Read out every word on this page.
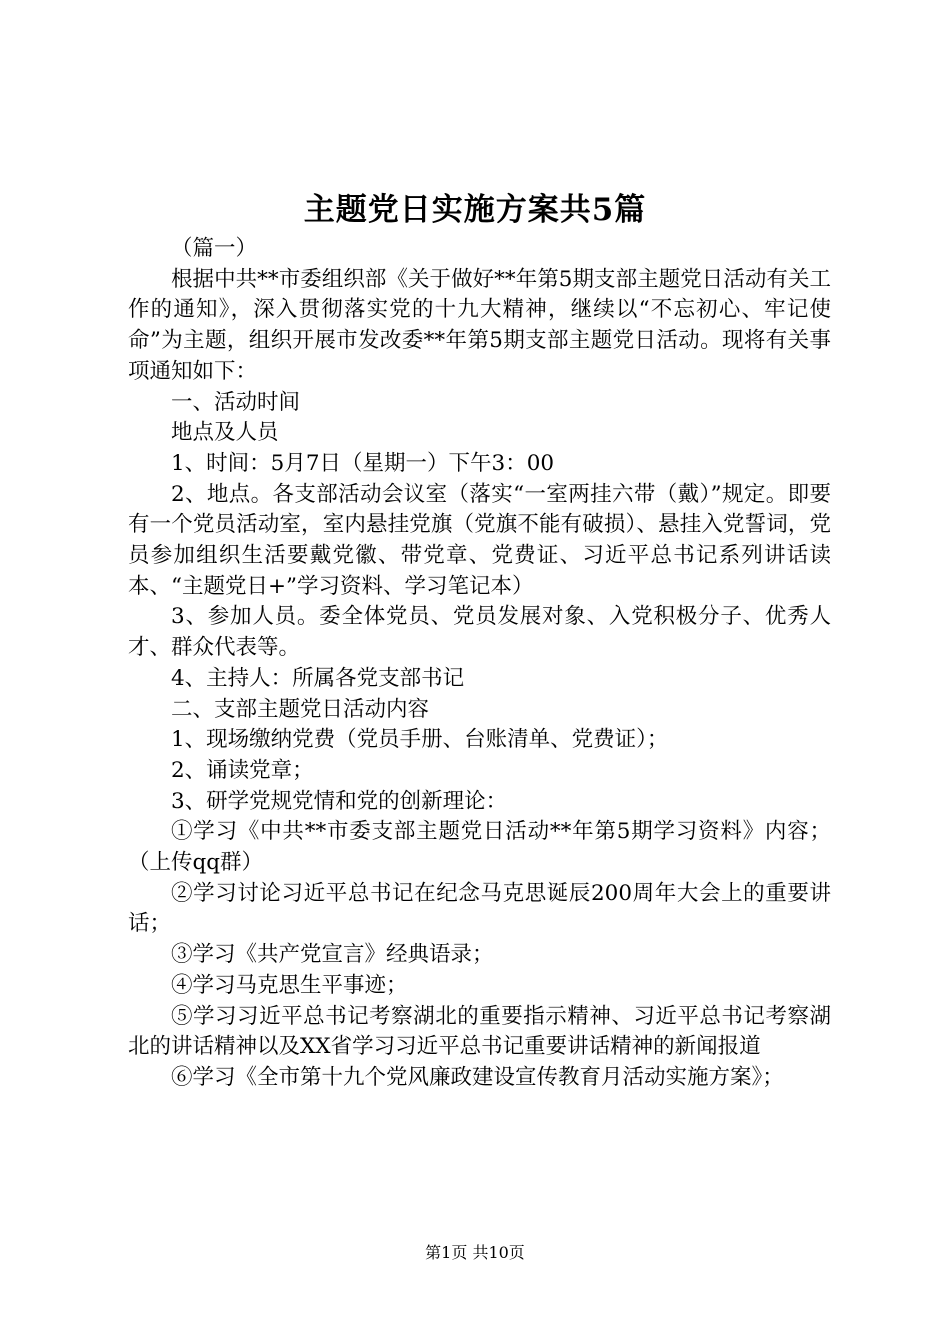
主题党日实施方案共5篇

（篇一）

根据中共**市委组织部《关于做好**年第5期支部主题党日活动有关工作的通知》，深入贯彻落实党的十九大精神，继续以“不忘初心、牢记使命”为主题，组织开展市发改委**年第5期支部主题党日活动。现将有关事项通知如下：

一、活动时间

地点及人员

1、时间：5月7日（星期一）下午3：00

2、地点。各支部活动会议室（落实“一室两挂六带（戴）”规定。即要有一个党员活动室，室内悬挂党旗（党旗不能有破损）、悬挂入党誓词，党员参加组织生活要戴党徽、带党章、党费证、习近平总书记系列讲话读本、“主题党日+”学习资料、学习笔记本）

3、参加人员。委全体党员、党员发展对象、入党积极分子、优秀人才、群众代表等。

4、主持人：所属各党支部书记

二、支部主题党日活动内容

1、现场缴纳党费（党员手册、台账清单、党费证）；

2、诵读党章；

3、研学党规党情和党的创新理论：

①学习《中共**市委支部主题党日活动**年第5期学习资料》内容；（上传qq群）

②学习讨论习近平总书记在纪念马克思诞辰200周年大会上的重要讲话；

③学习《共产党宣言》经典语录；

④学习马克思生平事迹；

⑤学习习近平总书记考察湖北的重要指示精神、习近平总书记考察湖北的讲话精神以及XX省学习习近平总书记重要讲话精神的新闻报道

⑥学习《全市第十九个党风廉政建设宣传教育月活动实施方案》；

第1页 共10页
